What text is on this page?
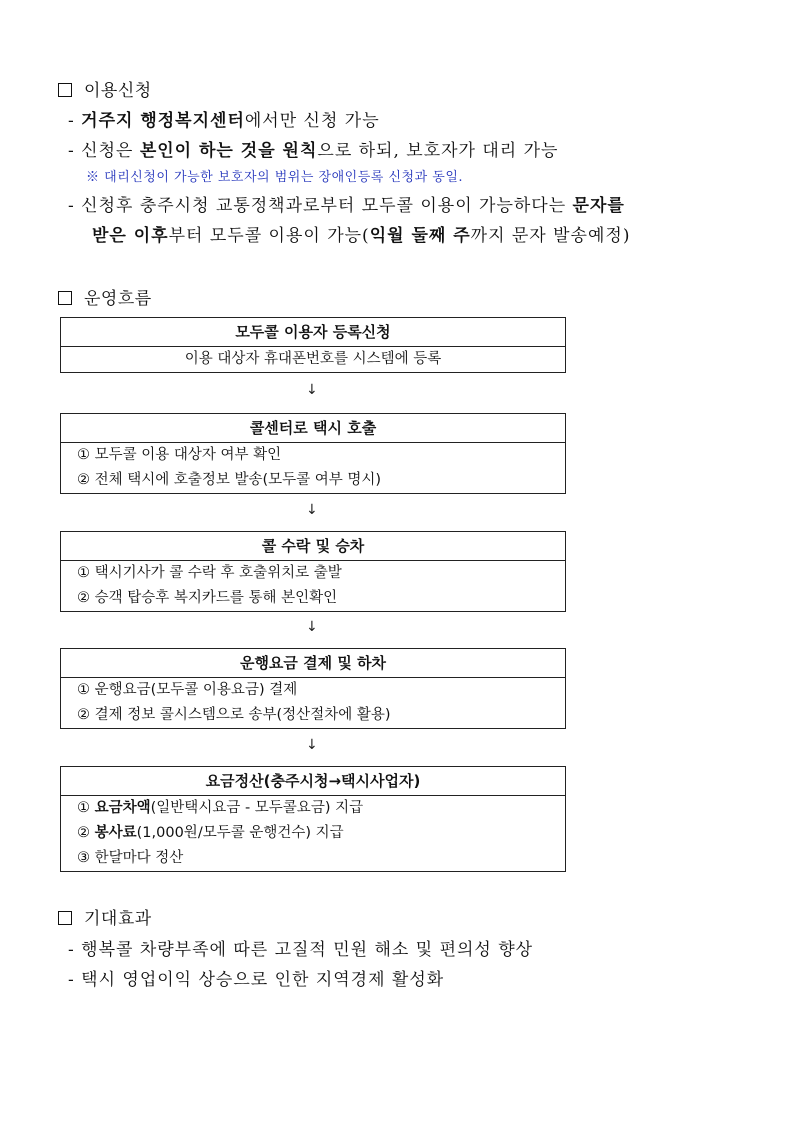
이용신청
- 거주지 행정복지센터에서만 신청 가능
- 신청은 본인이 하는 것을 원칙으로 하되, 보호자가 대리 가능
※ 대리신청이 가능한 보호자의 범위는 장애인등록 신청과 동일.
- 신청후 충주시청 교통정책과로부터 모두콜 이용이 가능하다는 문자를
받은 이후부터 모두콜 이용이 가능(익월 둘째 주까지 문자 발송예정)
운영흐름
모두콜 이용자 등록신청
이용 대상자 휴대폰번호를 시스템에 등록
↓
콜센터로 택시 호출
① 모두콜 이용 대상자 여부 확인
② 전체 택시에 호출정보 발송(모두콜 여부 명시)
↓
콜 수락 및 승차
① 택시기사가 콜 수락 후 호출위치로 출발
② 승객 탑승후 복지카드를 통해 본인확인
↓
운행요금 결제 및 하차
① 운행요금(모두콜 이용요금) 결제
② 결제 정보 콜시스템으로 송부(정산절차에 활용)
↓
요금정산(충주시청→택시사업자)
① 요금차액(일반택시요금 - 모두콜요금) 지급
② 봉사료(1,000원/모두콜 운행건수) 지급
③ 한달마다 정산
기대효과
- 행복콜 차량부족에 따른 고질적 민원 해소 및 편의성 향상
- 택시 영업이익 상승으로 인한 지역경제 활성화
